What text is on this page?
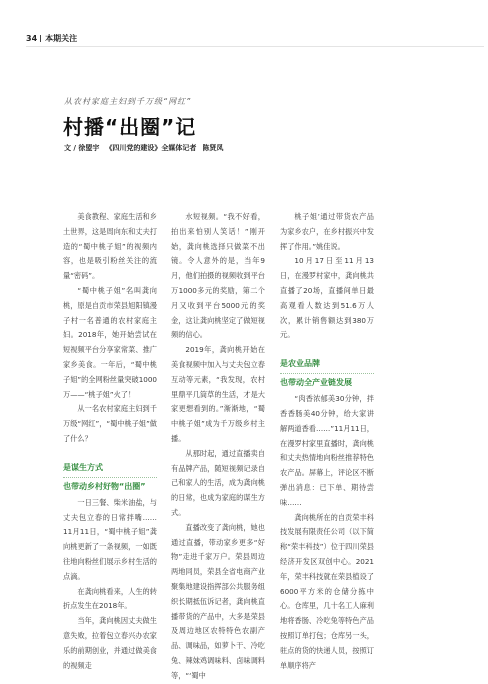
34 本期关注
从农村家庭主妇到千万级“网红”
村播“出圈”记
文 / 徐盟宇 《四川党的建设》全媒体记者 陈贤凤

美食教程、家庭生活和乡土世界，这是周向东和丈夫打造的“蜀中桃子姐”的视频内容，也是吸引粉丝关注的流量“密码”。

“蜀中桃子姐”名叫龚向桃，原是自贡市荣县旭阳镇漫子村一名普通的农村家庭主妇。2018年，她开始尝试在短视频平台分享家常菜、推广家乡美食。一年后，“蜀中桃子姐”的全网粉丝量突破1000万——“桃子姐”火了！

从一名农村家庭主妇到千万级“网红”，“蜀中桃子姐”做了什么？

是谋生方式
也带动乡村好物“出圈”

一日三餐、柴米油盐，与丈夫包立春的日常拌嘴……11月11日，“蜀中桃子姐”龚向桃更新了一条视频，一如既往地向粉丝们展示乡村生活的点滴。

在龚向桃看来，人生的转折点发生在2018年。

当年，龚向桃因丈夫做生意失败，拉着包立春兴办农家乐的前期创业，并通过做美食的视频走

水短视频。“我不好看，拍出来怕别人笑话！”刚开始，龚向桃选择只做菜不出镜。令人意外的是，当年9月，他们拍摄的视频收到平台万1000多元的奖励，第二个月又收到平台5000元的奖金，这让龚向桃坚定了做短视频的信心。

2019年，龚向桃开始在美食视频中加入与丈夫包立春互动等元素，“我发现，农村里鼎平几筒草的生活，才是大家更想看到的。”渐渐地，“蜀中桃子姐”成为千万级乡村主播。

从那时起，通过直播卖自有品牌产品，随短视频记录自己和家人的生活，成为龚向桃的日常，也成为家庭的谋生方式。

直播改变了龚向桃，她也通过直播，带动家乡更多“好物”走进千家万户。荣县周边两地同员，荣县全省电商产业聚集地建设指挥部公共服务组织长期抵伍诉记者，龚向桃直播带货的产品中，大多是荣县及周边地区农特特色农副产品、调味品，如萝卜干、冷吃兔、辣妹鸡调味料、卤味调料等，“‘蜀中

桃子姐’通过带货农产品为家乡农户，在乡村振兴中发挥了作用。”姚佳说。

10月17日至11月13日，在漫罗村家中，龚向桃共直播了20场，直播间单日最高观看人数达到51.6万人次，累计销售额达到380万元。

是农业品牌
也带动全产业链发展

“肉香浓郁美30分钟，拌香香肠美40分钟，给大家讲解两道香看……”11月11日，在漫罗村家里直播时，龚向桃和丈夫热情地向粉丝推荐特色农产品。屏幕上，评论区不断弹出消息：已下单、期待尝味……

龚向桃所在的自贡荣丰科技发展有限责任公司（以下简称“荣丰科技”）位于四川荣县经济开发区双创中心。2021年，荣丰科技就在荣县植设了6000平方米的仓储分拣中心。仓库里，几十名工人麻利地将香肠、冷吃兔等特色产品按照订单打包；仓库另一头，驻点的货的快递人员，按照订单顺序将产
